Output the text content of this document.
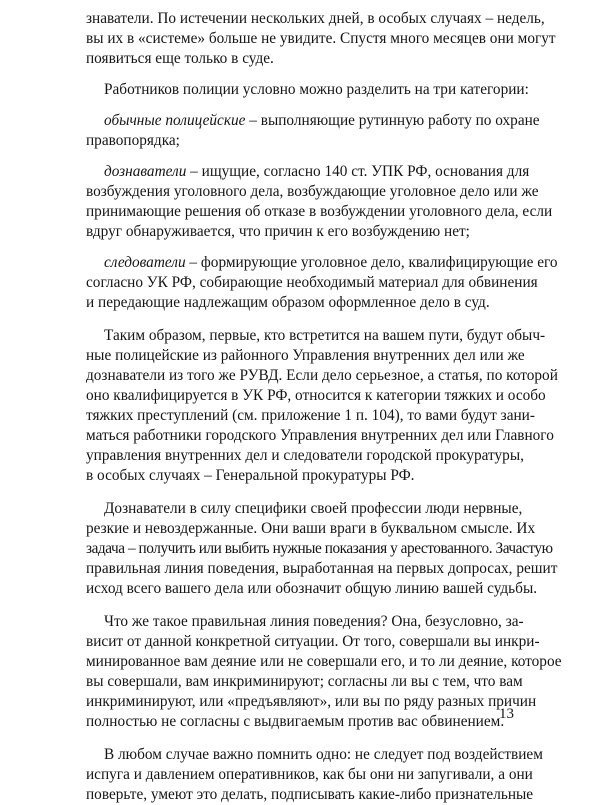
знаватели. По истечении нескольких дней, в особых случаях – недель,
вы их в «системе» больше не увидите. Спустя много месяцев они могут
появиться еще только в суде.
Работников полиции условно можно разделить на три категории:
обычные полицейские – выполняющие рутинную работу по охране
правопорядка;
дознаватели – ищущие, согласно 140 ст. УПК РФ, основания для
возбуждения уголовного дела, возбуждающие уголовное дело или же
принимающие решения об отказе в возбуждении уголовного дела, если
вдруг обнаруживается, что причин к его возбуждению нет;
следователи – формирующие уголовное дело, квалифицирующие его
согласно УК РФ, собирающие необходимый материал для обвинения
и передающие надлежащим образом оформленное дело в суд.
Таким образом, первые, кто встретится на вашем пути, будут обыч-
ные полицейские из районного Управления внутренних дел или же
дознаватели из того же РУВД. Если дело серьезное, а статья, по которой
оно квалифицируется в УК РФ, относится к категории тяжких и особо
тяжких преступлений (см. приложение 1 п. 104), то вами будут зани-
маться работники городского Управления внутренних дел или Главного
управления внутренних дел и следователи городской прокуратуры,
в особых случаях – Генеральной прокуратуры РФ.
Дознаватели в силу специфики своей профессии люди нервные,
резкие и невоздержанные. Они ваши враги в буквальном смысле. Их
задача – получить или выбить нужные показания у арестованного. Зачастую
правильная линия поведения, выработанная на первых допросах, решит
исход всего вашего дела или обозначит общую линию вашей судьбы.
Что же такое правильная линия поведения? Она, безусловно, за-
висит от данной конкретной ситуации. От того, совершали вы инкри-
минированное вам деяние или не совершали его, и то ли деяние, которое
вы совершали, вам инкриминируют; согласны ли вы с тем, что вам
инкриминируют, или «предъявляют», или вы по ряду разных причин
полностью не согласны с выдвигаемым против вас обвинением.
В любом случае важно помнить одно: не следует под воздействием
испуга и давлением оперативников, как бы они ни запугивали, а они
поверьте, умеют это делать, подписывать какие-либо признательные
13
